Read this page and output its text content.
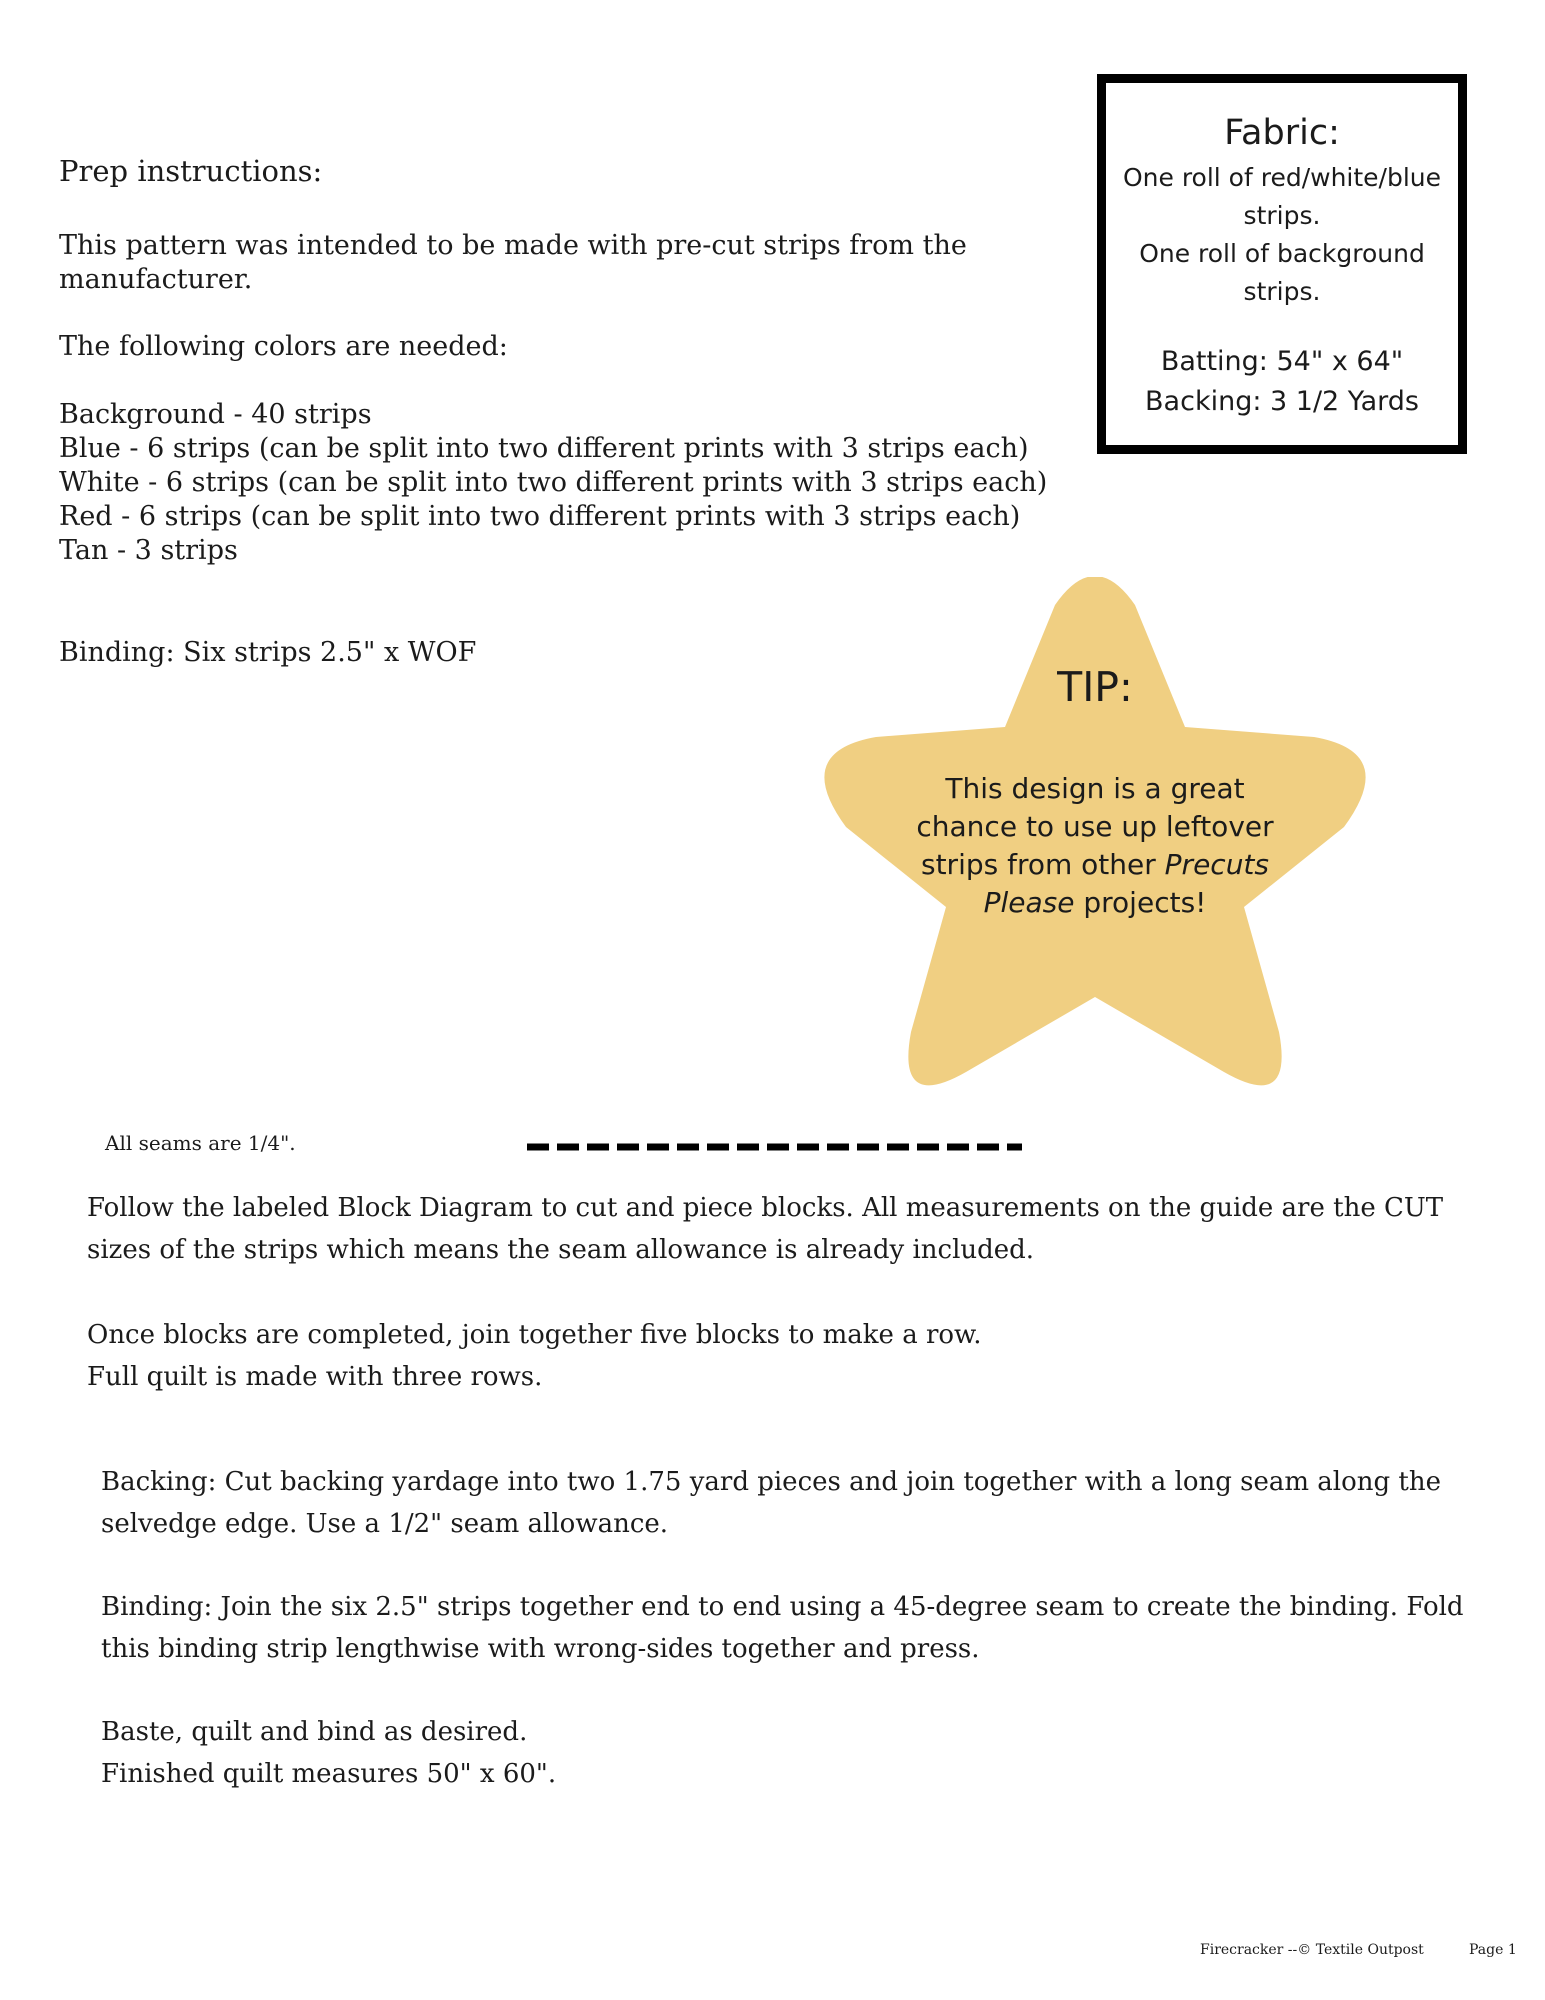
Prep instructions:
This pattern was intended to be made with pre-cut strips from the
manufacturer.
The following colors are needed:
Background - 40 strips
Blue - 6 strips (can be split into two different prints with 3 strips each)
White - 6 strips (can be split into two different prints with 3 strips each)
Red - 6 strips (can be split into two different prints with 3 strips each)
Tan - 3 strips
Binding: Six strips 2.5" x WOF
Fabric:
One roll of red/white/blue
strips.
One roll of background
strips.
Batting: 54" x 64"
Backing: 3 1/2 Yards
TIP:
This design is a great
chance to use up leftover
strips from other Precuts
Please projects!
All seams are 1/4".
Follow the labeled Block Diagram to cut and piece blocks. All measurements on the guide are the CUT
sizes of the strips which means the seam allowance is already included.
Once blocks are completed, join together five blocks to make a row.
Full quilt is made with three rows.
Backing: Cut backing yardage into two 1.75 yard pieces and join together with a long seam along the
selvedge edge. Use a 1/2" seam allowance.
Binding: Join the six 2.5" strips together end to end using a 45-degree seam to create the binding. Fold
this binding strip lengthwise with wrong-sides together and press.
Baste, quilt and bind as desired.
Finished quilt measures 50" x 60".
Firecracker --© Textile Outpost	Page 1
